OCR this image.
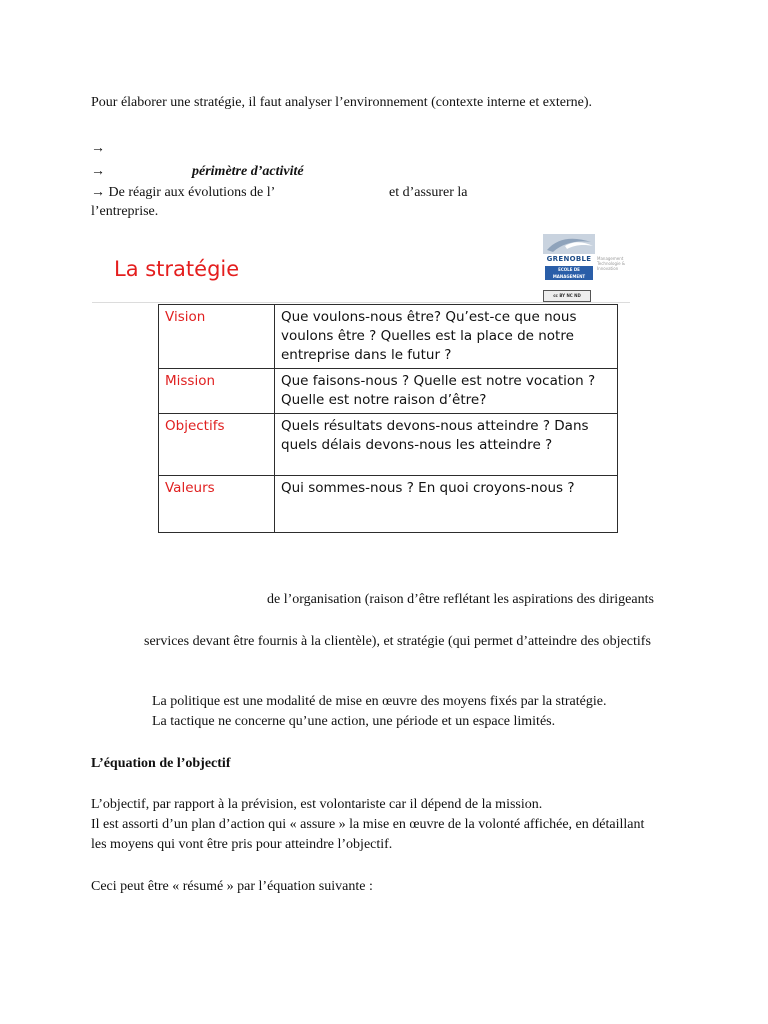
Pour élaborer une stratégie, il faut analyser l’environnement (contexte interne et externe).
→
→	périmètre d’activité
→ De réagir aux évolutions de l’	et d’assurer la
l’entreprise.
La stratégie	GRENOBLE
ECOLE DE MANAGEMENT
Management Technologie & Innovation
cc BY NC ND
Vision	Que voulons-nous être? Qu’est-ce que nous voulons être ? Quelles est la place de notre entreprise dans le futur ?
Mission	Que faisons-nous ? Quelle est notre vocation ? Quelle est notre raison d’être?
Objectifs	Quels résultats devons-nous atteindre ? Dans quels délais devons-nous les atteindre ?
Valeurs	Qui sommes-nous ? En quoi croyons-nous ?
de l’organisation (raison d’être reflétant les aspirations des dirigeants
services devant être fournis à la clientèle), et stratégie (qui permet d’atteindre des objectifs
La politique est une modalité de mise en œuvre des moyens fixés par la stratégie.
La tactique ne concerne qu’une action, une période et un espace limités.
L’équation de l’objectif
L’objectif, par rapport à la prévision, est volontariste car il dépend de la mission.
Il est assorti d’un plan d’action qui « assure » la mise en œuvre de la volonté affichée, en détaillant
les moyens qui vont être pris pour atteindre l’objectif.
Ceci peut être « résumé » par l’équation suivante :
